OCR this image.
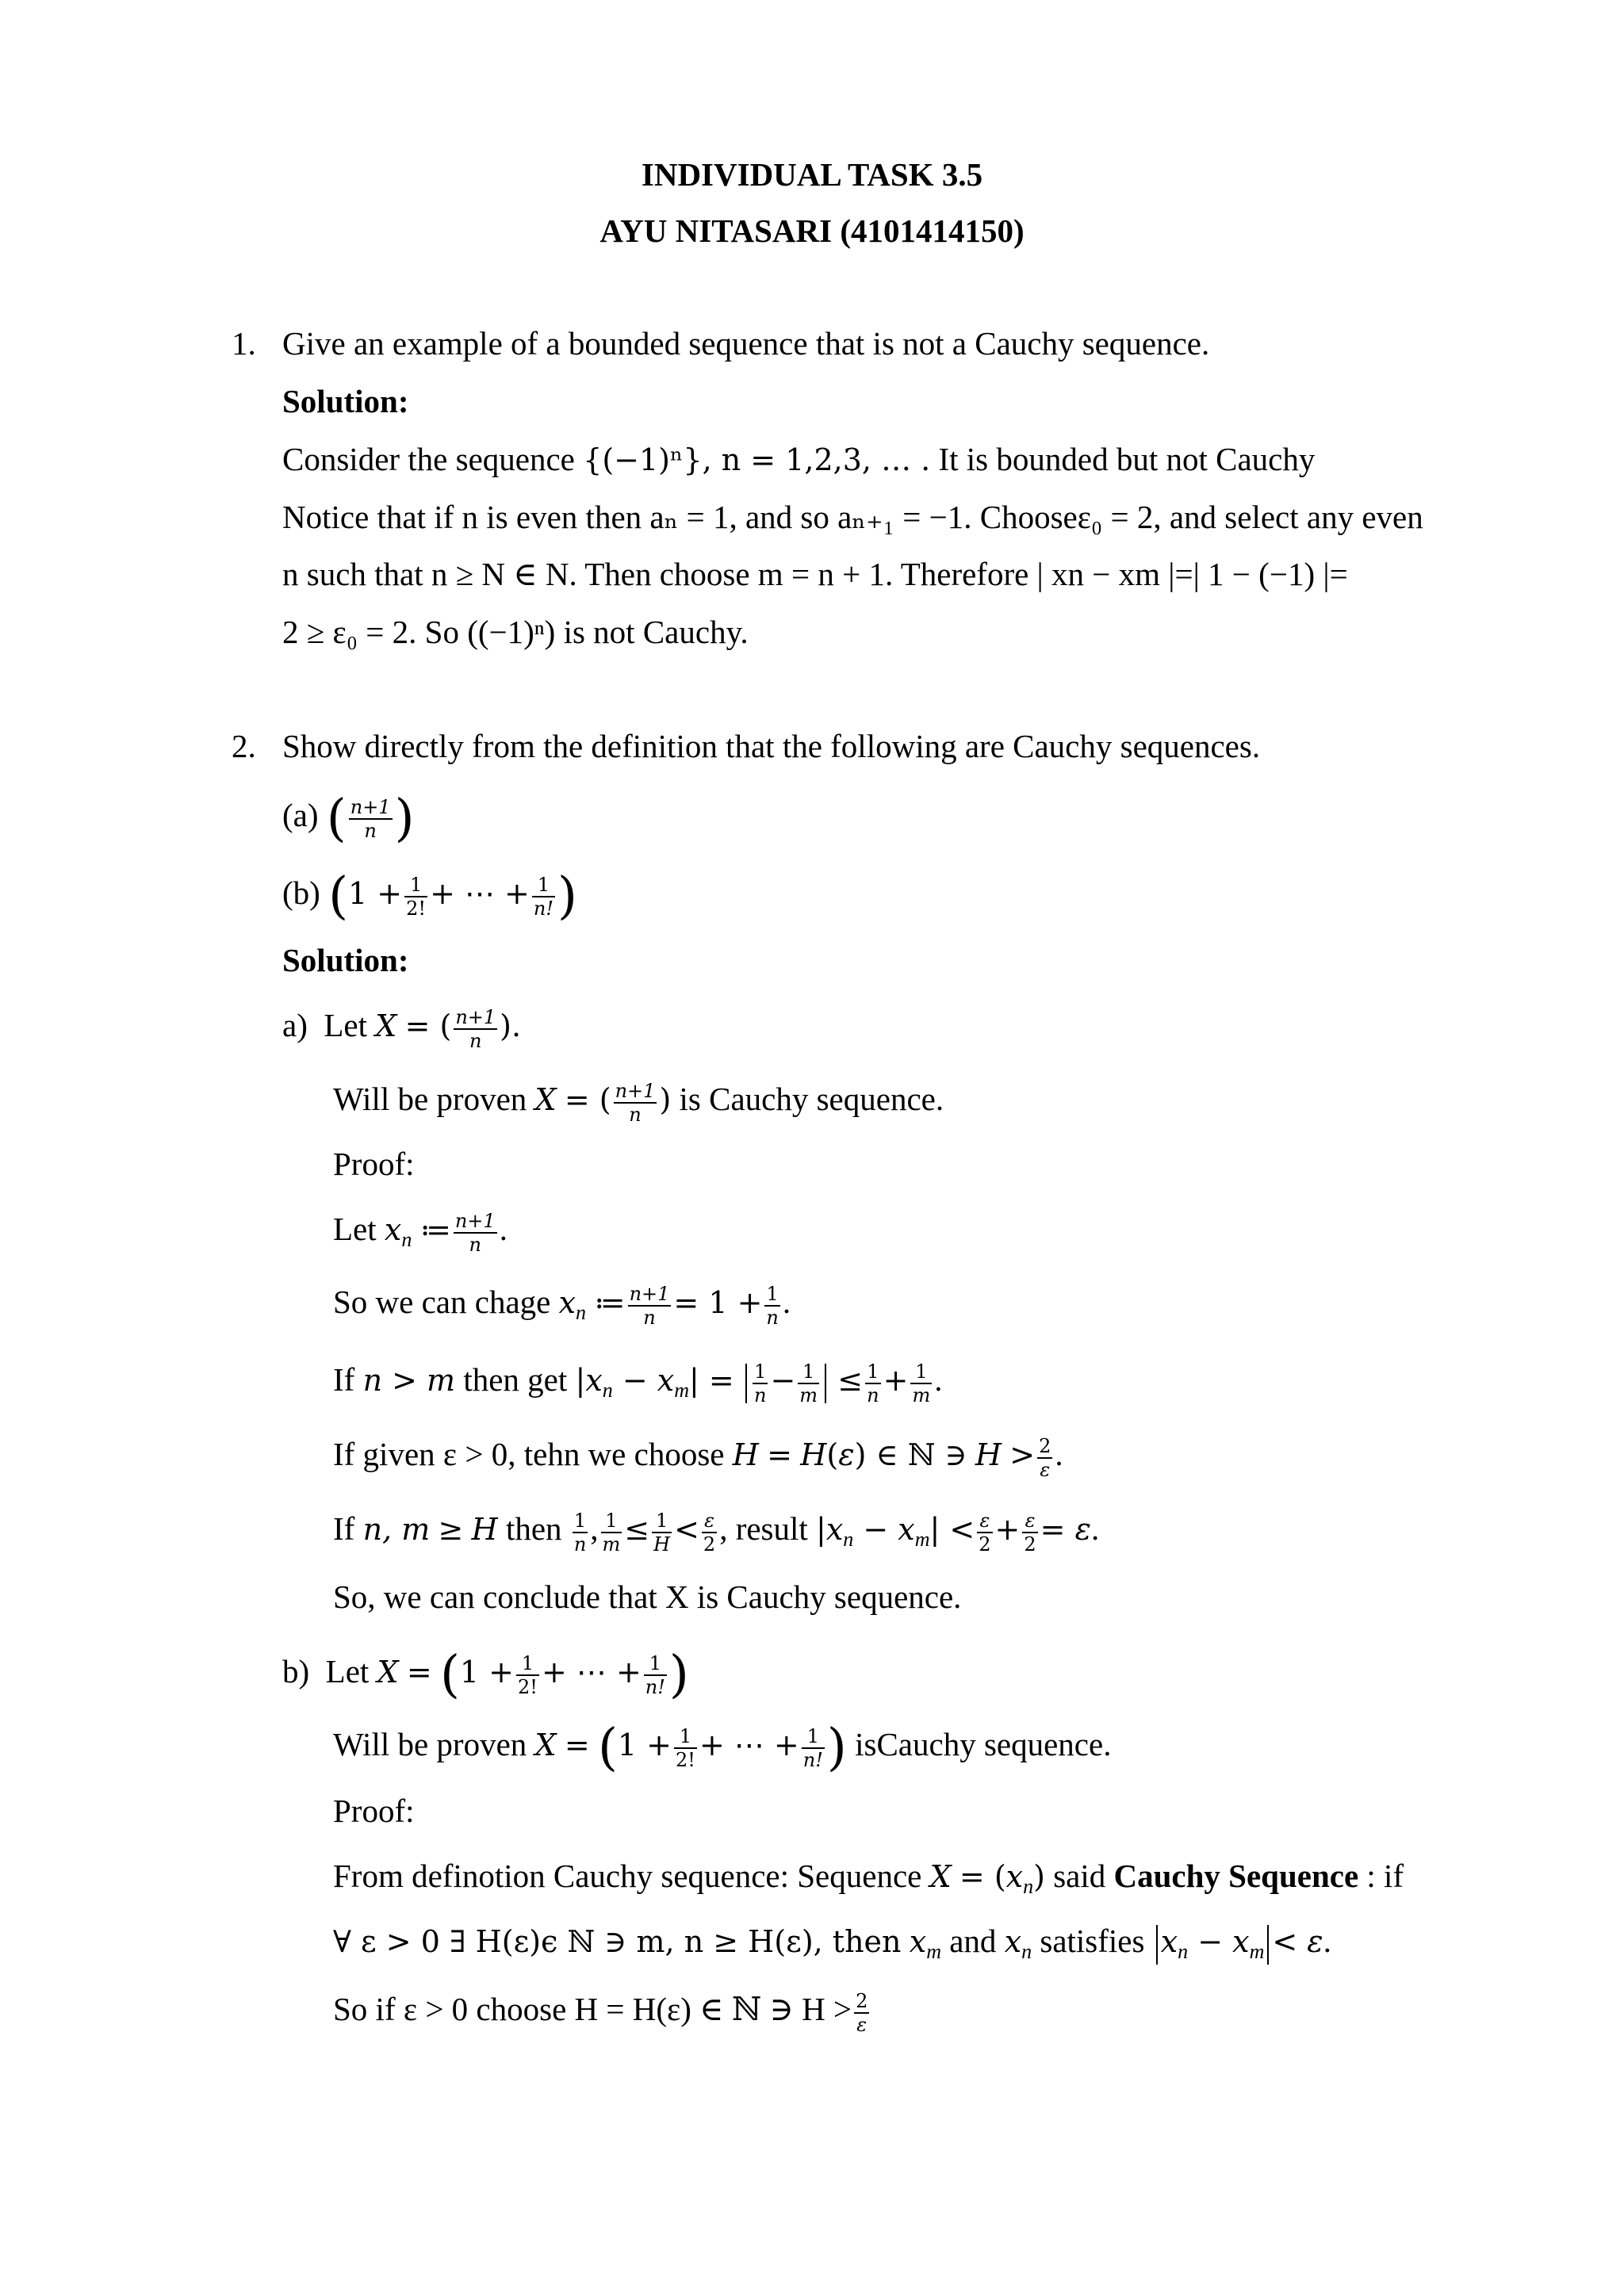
INDIVIDUAL TASK 3.5
AYU NITASARI (4101414150)
1. Give an example of a bounded sequence that is not a Cauchy sequence.
Solution:
Consider the sequence {(−1)ⁿ}, n = 1,2,3, … . It is bounded but not Cauchy
Notice that if n is even then aₙ = 1, and so aₙ₊₁ = −1. Chooseε₀ = 2, and select any even
n such that n ≥ N ∈ N. Then choose m = n + 1. Therefore | xn − xm |=| 1 − (−1) |=
2 ≥ ε₀ = 2. So ((−1)ⁿ) is not Cauchy.
2. Show directly from the definition that the following are Cauchy sequences.
(a) ( $\frac{n+1}{n}$ )
(b) ($1 + \frac{1}{2!}$ + ⋯ + $\frac{1}{n!}$ )
Solution:
a) Let X = ( $\frac{n+1}{n}$ ).
Will be proven X = ( $\frac{n+1}{n}$ ) is Cauchy sequence.
Proof:
Let $x_n$ ≔ $\frac{n+1}{n}$ .
So we can chage $x_n$ ≔ $\frac{n+1}{n} = 1 + \frac{1}{n}$ .
If n > m then get $|x_n - x_m| = \frac{1}{n} - \frac{1}{m} \le \frac{1}{n} + \frac{1}{m}$ .
If given ε > 0, tehn we choose H = H(ε) ∈ ℕ ∋ $H > \frac{2}{\varepsilon}$ .
If n, m ≥ H then $\frac{1}{n}$ , $\frac{1}{m} \le \frac{1}{H} < \frac{\varepsilon}{2}$ , result $|x_n - x_m| < \frac{\varepsilon}{2} + \frac{\varepsilon}{2} = \varepsilon$.
So, we can conclude that X is Cauchy sequence.
b) Let $X = (1 + \frac{1}{2!}$ + ⋯ + $\frac{1}{n!}$ )
Will be proven $X = (1 + \frac{1}{2!}$ + ⋯ + $\frac{1}{n!}$ ) isCauchy sequence.
Proof:
From definotion Cauchy sequence: Sequence $X = (x_n)$ said Cauchy Sequence : if
∀ ε > 0 ∃ H(ε)ϵ ℕ ∋ m, n ≥ H(ε), then $x_m$ and $x_n$ satisfies $x_n - x_m < \varepsilon$.
So if ε > 0 choose H = H(ε) ∈ ℕ ∋ $H > \frac{2}{\varepsilon}$
